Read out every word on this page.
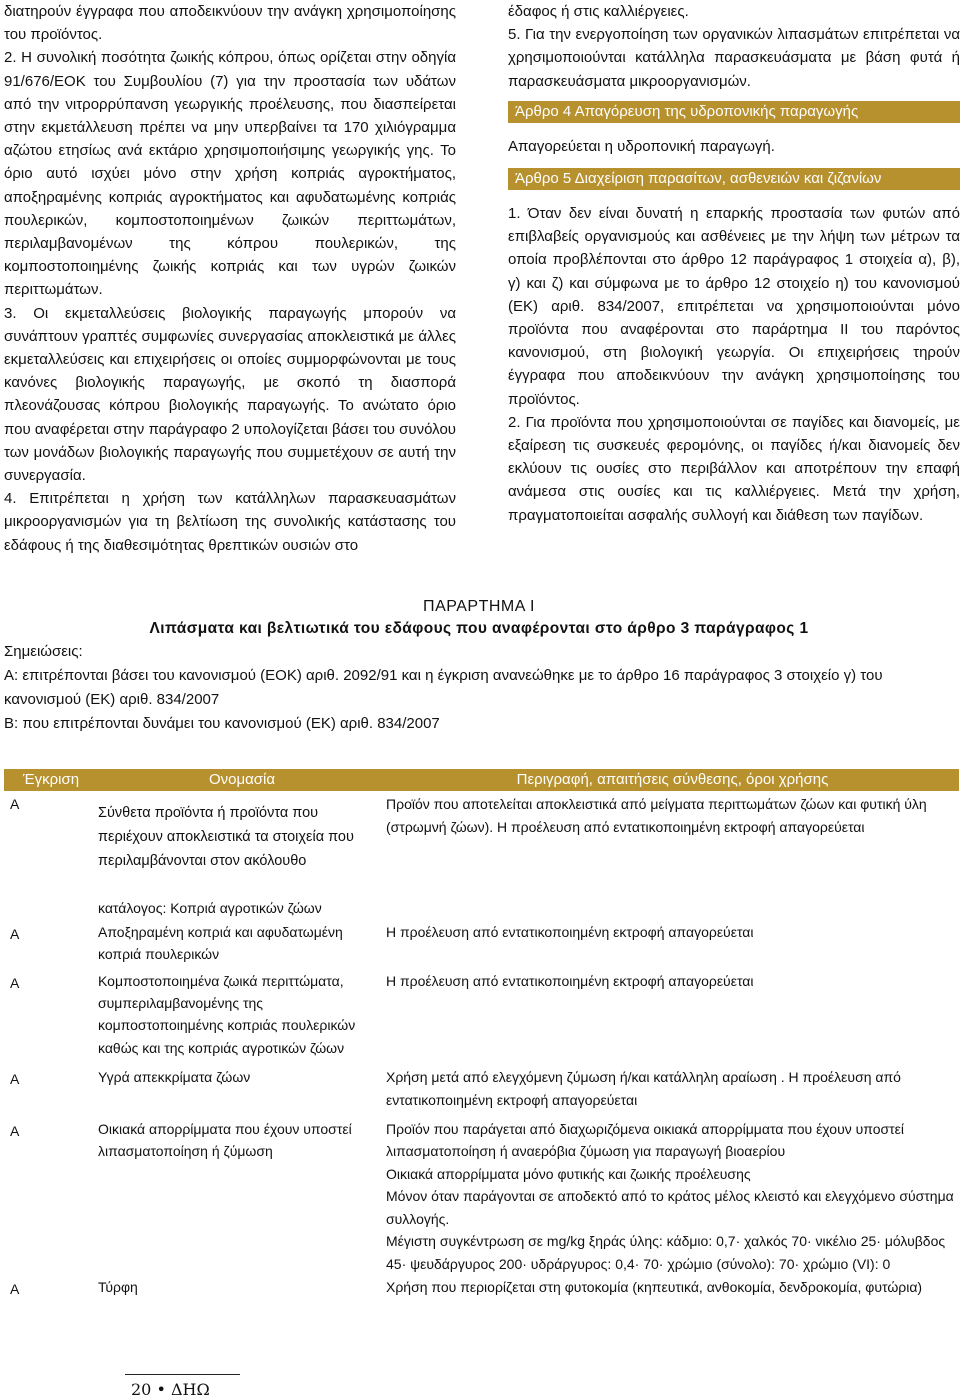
διατηρούν έγγραφα που αποδεικνύουν την ανάγκη χρησιμοποίησης του προϊόντος.

2. Η συνολική ποσότητα ζωικής κόπρου, όπως ορίζεται στην οδηγία 91/676/ΕΟΚ του Συμβουλίου (7) για την προστασία των υδάτων από την νιτρορρύπανση γεωργικής προέλευσης, που διασπείρεται στην εκμετάλλευση πρέπει να μην υπερβαίνει τα 170 χιλιόγραμμα αζώτου ετησίως ανά εκτάριο χρησιμοποιήσιμης γεωργικής γης. Το όριο αυτό ισχύει μόνο στην χρήση κοπριάς αγροκτήματος, αποξηραμένης κοπριάς αγροκτήματος και αφυδατωμένης κοπριάς πουλερικών, κομποστοποιημένων ζωικών περιττωμάτων, περιλαμβανομένων της κόπρου πουλερικών, της κομποστοποιημένης ζωικής κοπριάς και των υγρών ζωικών περιττωμάτων.

3. Οι εκμεταλλεύσεις βιολογικής παραγωγής μπορούν να συνάπτουν γραπτές συμφωνίες συνεργασίας αποκλειστικά με άλλες εκμεταλλεύσεις και επιχειρήσεις οι οποίες συμμορφώνονται με τους κανόνες βιολογικής παραγωγής, με σκοπό τη διασπορά πλεονάζουσας κόπρου βιολογικής παραγωγής. Το ανώτατο όριο που αναφέρεται στην παράγραφο 2 υπολογίζεται βάσει του συνόλου των μονάδων βιολογικής παραγωγής που συμμετέχουν σε αυτή την συνεργασία.

4. Επιτρέπεται η χρήση των κατάλληλων παρασκευασμάτων μικροοργανισμών για τη βελτίωση της συνολικής κατάστασης του εδάφους ή της διαθεσιμότητας θρεπτικών ουσιών στο

έδαφος ή στις καλλιέργειες.

5. Για την ενεργοποίηση των οργανικών λιπασμάτων επιτρέπεται να χρησιμοποιούνται κατάλληλα παρασκευάσματα με βάση φυτά ή παρασκευάσματα μικροοργανισμών.

Άρθρο 4 Απαγόρευση της υδροπονικής παραγωγής

Απαγορεύεται η υδροπονική παραγωγή.

Άρθρο 5 Διαχείριση παρασίτων, ασθενειών και ζιζανίων

1. Όταν δεν είναι δυνατή η επαρκής προστασία των φυτών από επιβλαβείς οργανισμούς και ασθένειες με την λήψη των μέτρων τα οποία προβλέπονται στο άρθρο 12 παράγραφος 1 στοιχεία α), β), γ) και ζ) και σύμφωνα με το άρθρο 12 στοιχείο η) του κανονισμού (ΕΚ) αριθ. 834/2007, επιτρέπεται να χρησιμοποιούνται μόνο προϊόντα που αναφέρονται στο παράρτημα II του παρόντος κανονισμού, στη βιολογική γεωργία. Οι επιχειρήσεις τηρούν έγγραφα που αποδεικνύουν την ανάγκη χρησιμοποίησης του προϊόντος.

2. Για προϊόντα που χρησιμοποιούνται σε παγίδες και διανομείς, με εξαίρεση τις συσκευές φερομόνης, οι παγίδες ή/και διανομείς δεν εκλύουν τις ουσίες στο περιβάλλον και αποτρέπουν την επαφή ανάμεσα στις ουσίες και τις καλλιέργειες. Μετά την χρήση, πραγματοποιείται ασφαλής συλλογή και διάθεση των παγίδων.

ΠΑΡΑΡΤΗΜΑ Ι
Λιπάσματα και βελτιωτικά του εδάφους που αναφέρονται στο άρθρο 3 παράγραφος 1

Σημειώσεις:

Α: επιτρέπονται βάσει του κανονισμού (ΕΟΚ) αριθ. 2092/91 και η έγκριση ανανεώθηκε με το άρθρο 16 παράγραφος 3 στοιχείο γ) του κανονισμού (ΕΚ) αριθ. 834/2007

Β: που επιτρέπονται δυνάμει του κανονισμού (ΕΚ) αριθ. 834/2007

Έγκριση	Ονομασία	Περιγραφή, απαιτήσεις σύνθεσης, όροι χρήσης
Α	Σύνθετα προϊόντα ή προϊόντα που περιέχουν αποκλειστικά τα στοιχεία που περιλαμβάνονται στον ακόλουθο	Προϊόν που αποτελείται αποκλειστικά από μείγματα περιττωμάτων ζώων και φυτική ύλη (στρωμνή ζώων). Η προέλευση από εντατικοποιημένη εκτροφή απαγορεύεται
	κατάλογος: Κοπριά αγροτικών ζώων	
Α	Αποξηραμένη κοπριά και αφυδατωμένη κοπριά πουλερικών	Η προέλευση από εντατικοποιημένη εκτροφή απαγορεύεται
Α	Κομποστοποιημένα ζωικά περιττώματα, συμπεριλαμβανομένης της κομποστοποιημένης κοπριάς πουλερικών καθώς και της κοπριάς αγροτικών ζώων	Η προέλευση από εντατικοποιημένη εκτροφή απαγορεύεται
Α	Υγρά απεκκρίματα ζώων	Χρήση μετά από ελεγχόμενη ζύμωση ή/και κατάλληλη αραίωση . Η προέλευση από εντατικοποιημένη εκτροφή απαγορεύεται
Α	Οικιακά απορρίμματα που έχουν υποστεί λιπασματοποίηση ή ζύμωση	Προϊόν που παράγεται από διαχωριζόμενα οικιακά απορρίμματα που έχουν υποστεί λιπασματοποίηση ή αναερόβια ζύμωση για παραγωγή βιοαερίου
Οικιακά απορρίμματα μόνο φυτικής και ζωικής προέλευσης
Μόνον όταν παράγονται σε αποδεκτό από το κράτος μέλος κλειστό και ελεγχόμενο σύστημα συλλογής.
Μέγιστη συγκέντρωση σε mg/kg ξηράς ύλης: κάδμιο: 0,7· χαλκός 70· νικέλιο 25· μόλυβδος 45· ψευδάργυρος 200· υδράργυρος: 0,4· 70· χρώμιο (σύνολο): 70· χρώμιο (VI): 0

Α	Τύρφη	Χρήση που περιορίζεται στη φυτοκομία (κηπευτικά, ανθοκομία, δενδροκομία, φυτώρια)
20 • ΔΗΩ
